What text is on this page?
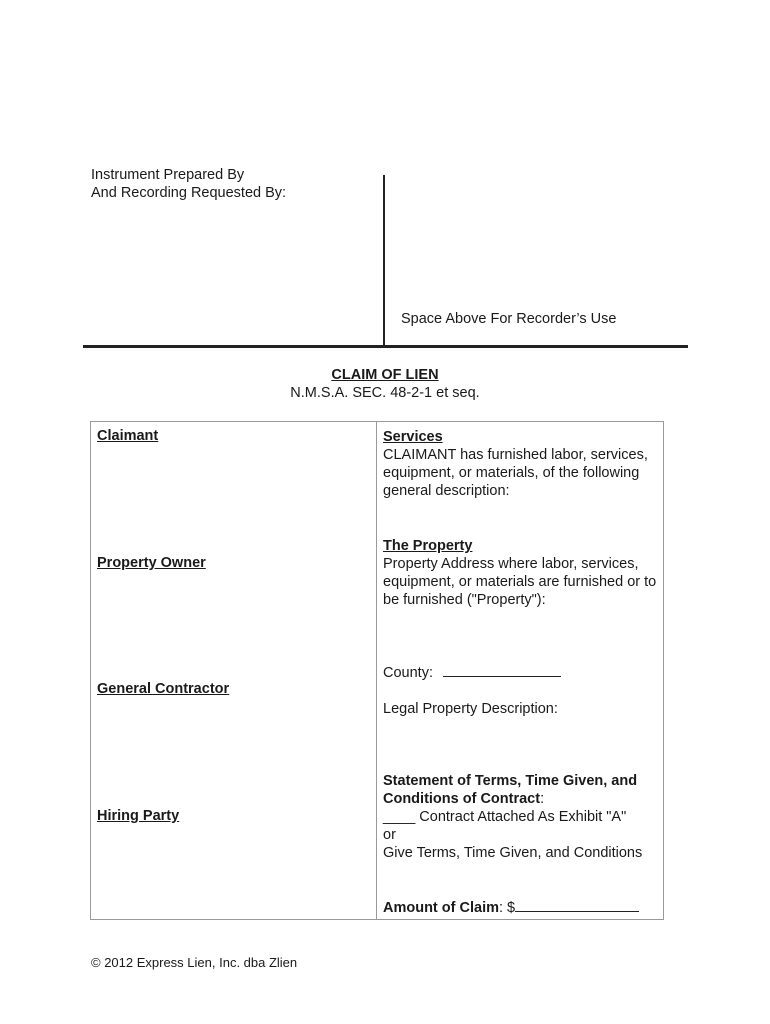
Instrument Prepared By
And Recording Requested By:
Space Above For Recorder’s Use
CLAIM OF LIEN
N.M.S.A. SEC. 48-2-1 et seq.
Claimant
Property Owner
General Contractor
Hiring Party
Services
CLAIMANT has furnished labor, services, equipment, or materials, of the following general description:
The Property
Property Address where labor, services, equipment, or materials are furnished or to be furnished ("Property"):
County:
Legal Property Description:
Statement of Terms, Time Given, and
Conditions of Contract:
____ Contract Attached As Exhibit "A"
or
Give Terms, Time Given, and Conditions
Amount of Claim: $
© 2012 Express Lien, Inc. dba Zlien
